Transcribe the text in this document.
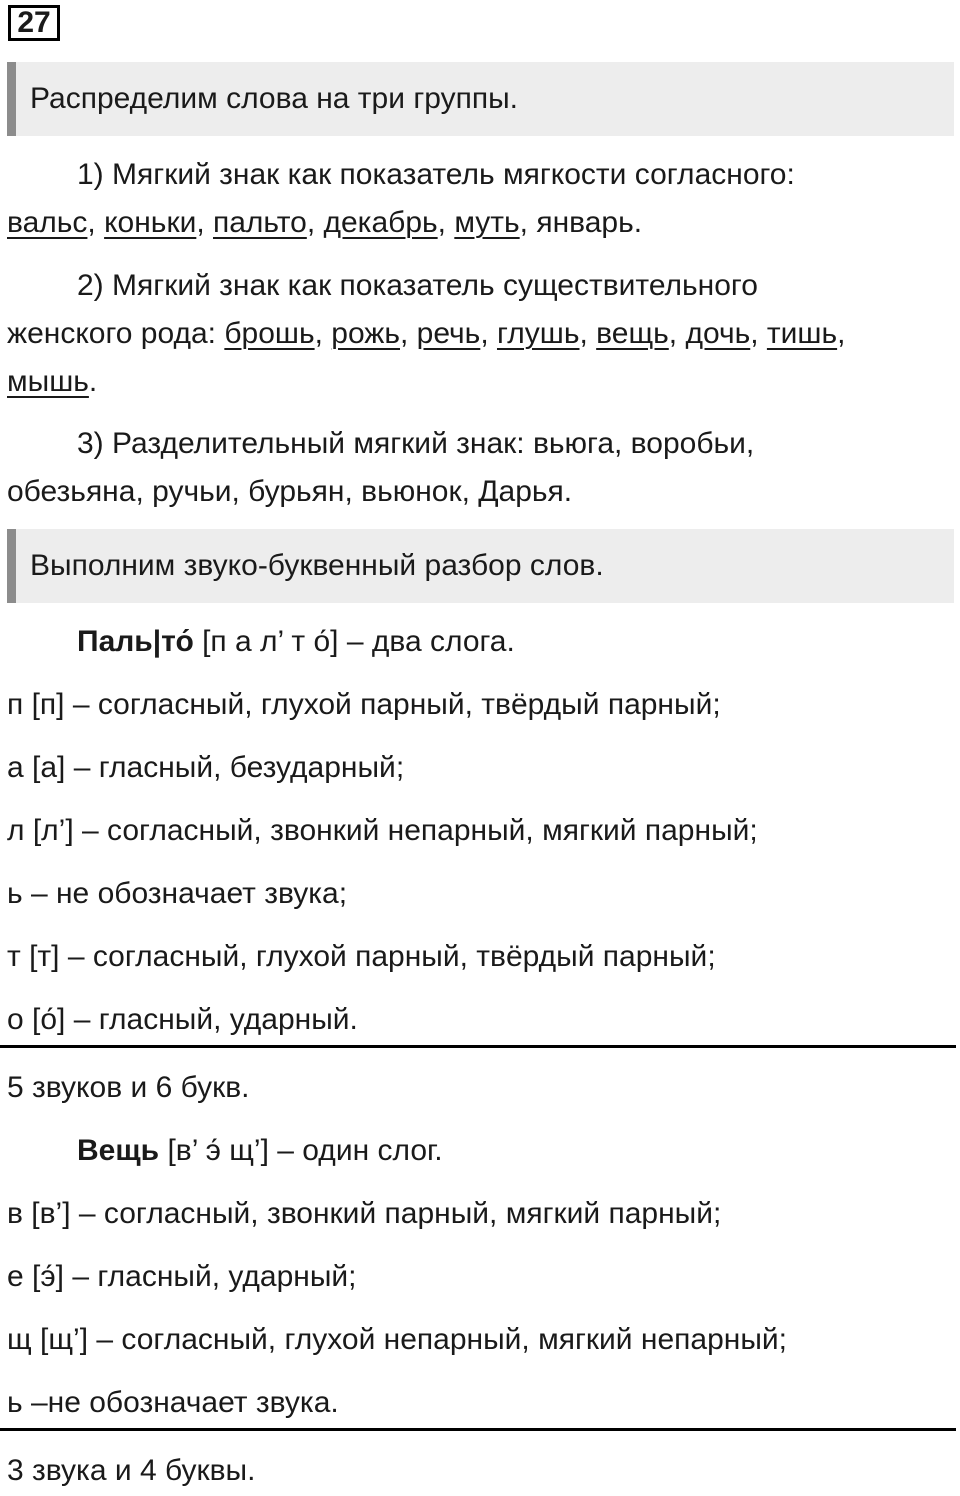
27
Распределим слова на три группы.
1) Мягкий знак как показатель мягкости согласного:
вальс, коньки, пальто, декабрь, муть, январь.
2) Мягкий знак как показатель существительного
женского рода: брошь, рожь, речь, глушь, вещь, дочь, тишь,
мышь.
3) Разделительный мягкий знак: вьюга, воробьи,
обезьяна, ручьи, бурьян, вьюнок, Дарья.
Выполним звуко-буквенный разбор слов.
Паль|то́ [п а л’ т о́] – два слога.
п [п] – согласный, глухой парный, твёрдый парный;
а [а] – гласный, безударный;
л [л’] – согласный, звонкий непарный, мягкий парный;
ь – не обозначает звука;
т [т] – согласный, глухой парный, твёрдый парный;
о [о́] – гласный, ударный.
5 звуков и 6 букв.
Вещь [в’ э́ щ’] – один слог.
в [в’] – согласный, звонкий парный, мягкий парный;
е [э́] – гласный, ударный;
щ [щ’] – согласный, глухой непарный, мягкий непарный;
ь –не обозначает звука.
3 звука и 4 буквы.
